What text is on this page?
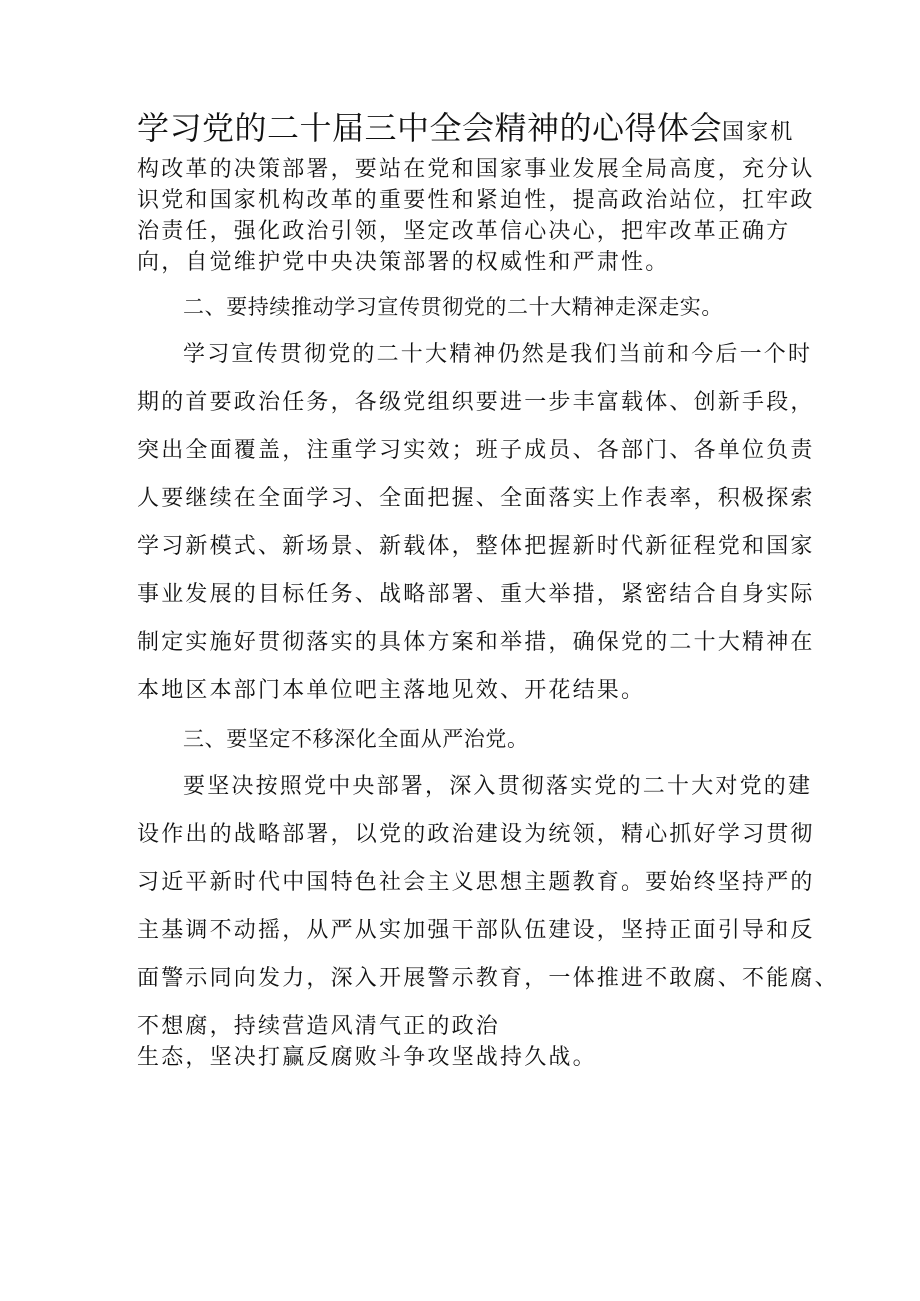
学习党的二十届三中全会精神的心得体会国家机
构改革的决策部署，要站在党和国家事业发展全局高度，充分认
识党和国家机构改革的重要性和紧迫性，提高政治站位，扛牢政
治责任，强化政治引领，坚定改革信心决心，把牢改革正确方
向，自觉维护党中央决策部署的权威性和严肃性。
二、要持续推动学习宣传贯彻党的二十大精神走深走实。
学习宣传贯彻党的二十大精神仍然是我们当前和今后一个时
期的首要政治任务，各级党组织要进一步丰富载体、创新手段，
突出全面覆盖，注重学习实效；班子成员、各部门、各单位负责
人要继续在全面学习、全面把握、全面落实上作表率，积极探索
学习新模式、新场景、新载体，整体把握新时代新征程党和国家
事业发展的目标任务、战略部署、重大举措，紧密结合自身实际
制定实施好贯彻落实的具体方案和举措，确保党的二十大精神在
本地区本部门本单位吧主落地见效、开花结果。
三、要坚定不移深化全面从严治党。
要坚决按照党中央部署，深入贯彻落实党的二十大对党的建
设作出的战略部署，以党的政治建设为统领，精心抓好学习贯彻
习近平新时代中国特色社会主义思想主题教育。要始终坚持严的
主基调不动摇，从严从实加强干部队伍建设，坚持正面引导和反
面警示同向发力，深入开展警示教育，一体推进不敢腐、不能腐、
不想腐，持续营造风清气正的政治
生态，坚决打赢反腐败斗争攻坚战持久战。
